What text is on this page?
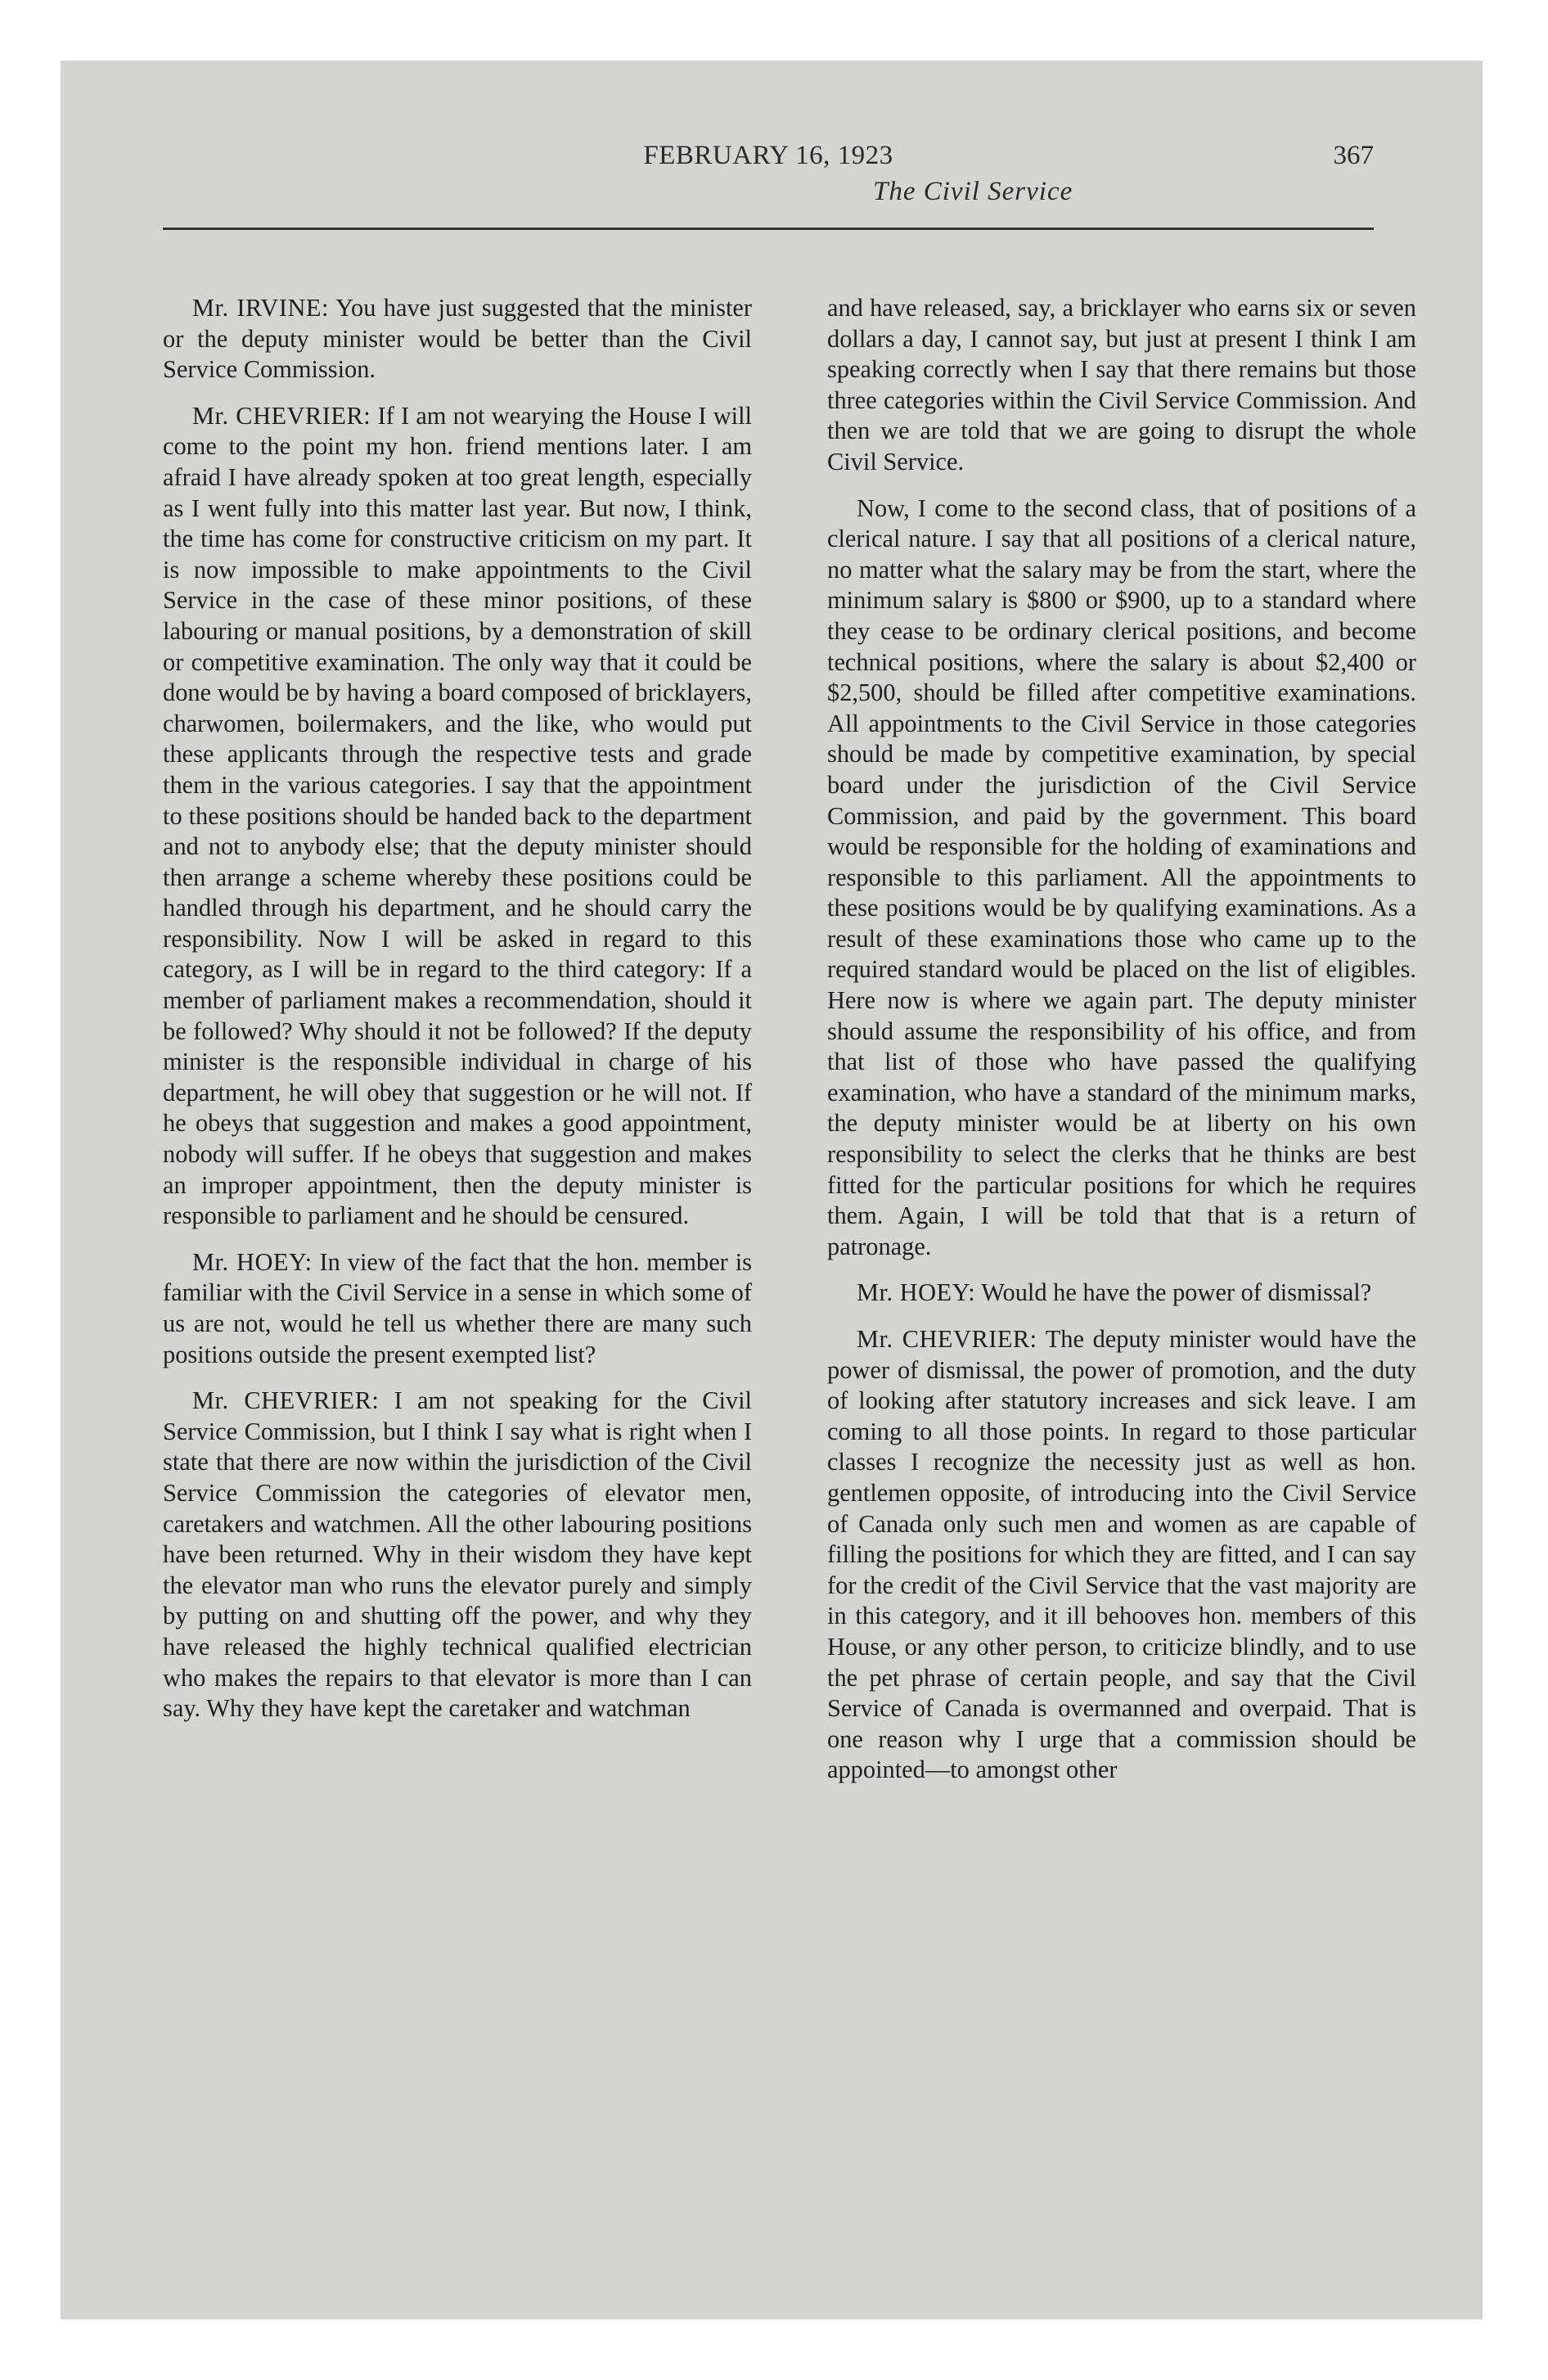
FEBRUARY 16, 1923	367
The Civil Service

Mr. IRVINE: You have just suggested that the minister or the deputy minister would be better than the Civil Service Commission.

Mr. CHEVRIER: If I am not wearying the House I will come to the point my hon. friend mentions later. I am afraid I have already spoken at too great length, especially as I went fully into this matter last year. But now, I think, the time has come for constructive criticism on my part. It is now impossible to make appointments to the Civil Service in the case of these minor positions, of these labouring or manual positions, by a demonstration of skill or competitive examination. The only way that it could be done would be by having a board composed of bricklayers, charwomen, boilermakers, and the like, who would put these applicants through the respective tests and grade them in the various categories. I say that the appointment to these positions should be handed back to the department and not to anybody else; that the deputy minister should then arrange a scheme whereby these positions could be handled through his department, and he should carry the responsibility. Now I will be asked in regard to this category, as I will be in regard to the third category: If a member of parliament makes a recommendation, should it be followed? Why should it not be followed? If the deputy minister is the responsible individual in charge of his department, he will obey that suggestion or he will not. If he obeys that suggestion and makes a good appointment, nobody will suffer. If he obeys that suggestion and makes an improper appointment, then the deputy minister is responsible to parliament and he should be censured.

Mr. HOEY: In view of the fact that the hon. member is familiar with the Civil Service in a sense in which some of us are not, would he tell us whether there are many such positions outside the present exempted list?

Mr. CHEVRIER: I am not speaking for the Civil Service Commission, but I think I say what is right when I state that there are now within the jurisdiction of the Civil Service Commission the categories of elevator men, caretakers and watchmen. All the other labouring positions have been returned. Why in their wisdom they have kept the elevator man who runs the elevator purely and simply by putting on and shutting off the power, and why they have released the highly technical qualified electrician who makes the repairs to that elevator is more than I can say. Why they have kept the caretaker and watchman

and have released, say, a bricklayer who earns six or seven dollars a day, I cannot say, but just at present I think I am speaking correctly when I say that there remains but those three categories within the Civil Service Commission. And then we are told that we are going to disrupt the whole Civil Service.

Now, I come to the second class, that of positions of a clerical nature. I say that all positions of a clerical nature, no matter what the salary may be from the start, where the minimum salary is $800 or $900, up to a standard where they cease to be ordinary clerical positions, and become technical positions, where the salary is about $2,400 or $2,500, should be filled after competitive examinations. All appointments to the Civil Service in those categories should be made by competitive examination, by special board under the jurisdiction of the Civil Service Commission, and paid by the government. This board would be responsible for the holding of examinations and responsible to this parliament. All the appointments to these positions would be by qualifying examinations. As a result of these examinations those who came up to the required standard would be placed on the list of eligibles. Here now is where we again part. The deputy minister should assume the responsibility of his office, and from that list of those who have passed the qualifying examination, who have a standard of the minimum marks, the deputy minister would be at liberty on his own responsibility to select the clerks that he thinks are best fitted for the particular positions for which he requires them. Again, I will be told that that is a return of patronage.

Mr. HOEY: Would he have the power of dismissal?

Mr. CHEVRIER: The deputy minister would have the power of dismissal, the power of promotion, and the duty of looking after statutory increases and sick leave. I am coming to all those points. In regard to those particular classes I recognize the necessity just as well as hon. gentlemen opposite, of introducing into the Civil Service of Canada only such men and women as are capable of filling the positions for which they are fitted, and I can say for the credit of the Civil Service that the vast majority are in this category, and it ill behooves hon. members of this House, or any other person, to criticize blindly, and to use the pet phrase of certain people, and say that the Civil Service of Canada is overmanned and overpaid. That is one reason why I urge that a commission should be appointed—to amongst other
